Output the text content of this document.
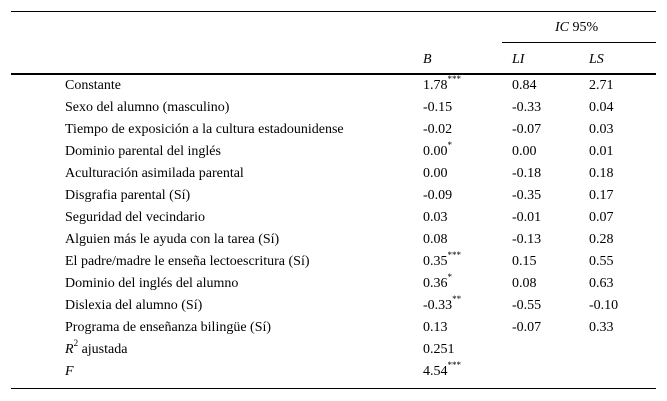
IC 95%
B	LI	LS
Constante	1.78***	0.84	2.71
Sexo del alumno (masculino)	-0.15	-0.33	0.04
Tiempo de exposición a la cultura estadounidense	-0.02	-0.07	0.03
Dominio parental del inglés	0.00*	0.00	0.01
Aculturación asimilada parental	0.00	-0.18	0.18
Disgrafia parental (Sí)	-0.09	-0.35	0.17
Seguridad del vecindario	0.03	-0.01	0.07
Alguien más le ayuda con la tarea (Sí)	0.08	-0.13	0.28
El padre/madre le enseña lectoescritura (Sí)	0.35***	0.15	0.55
Dominio del inglés del alumno	0.36*	0.08	0.63
Dislexia del alumno (Sí)	-0.33**	-0.55	-0.10
Programa de enseñanza bilingüe (Sí)	0.13	-0.07	0.33
$R^2$ ajustada	0.251
F	4.54***
